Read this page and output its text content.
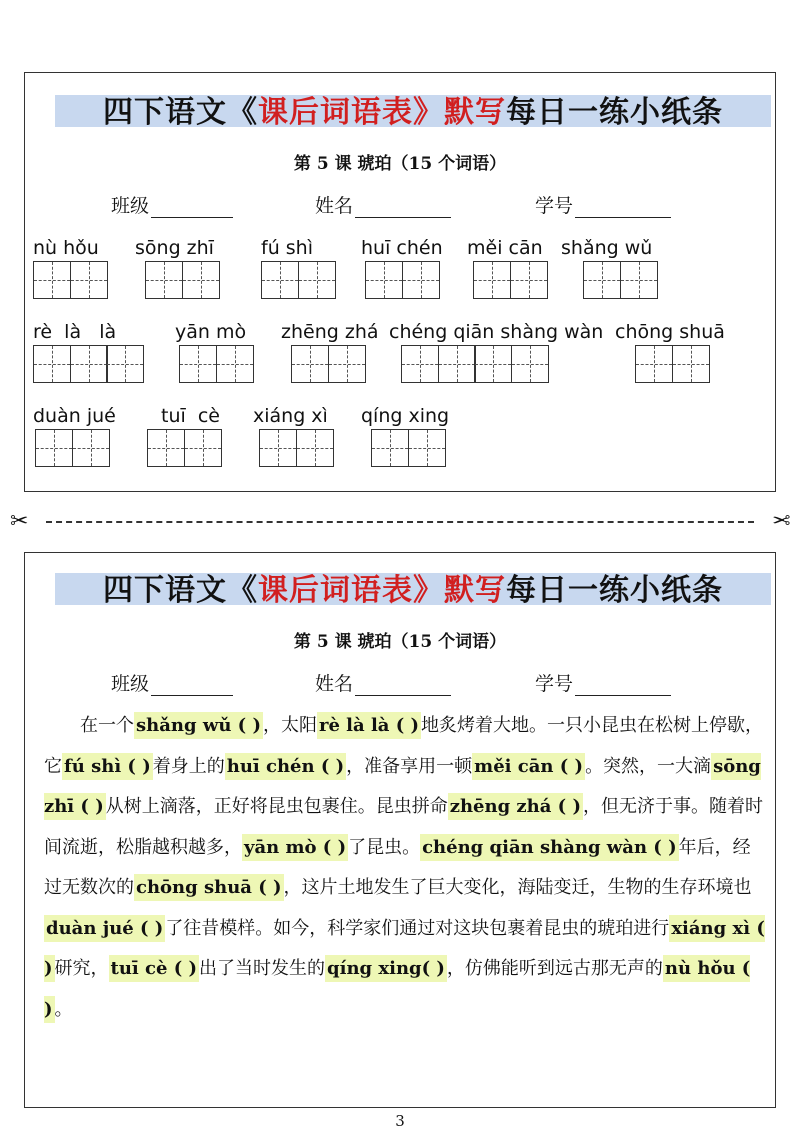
四下语文《 课后词语表》默写 每日一练小纸条
第 5 课 琥珀（15 个词语）
班级	姓名	学号
nù hǒu	sōng zhī fú shì	huī chén měi cān shǎng wǔ
rè  là   là	yān mò	zhēng zhá chéng qiān shàng wàn chōng shuā
duàn jué tuī  cè xiáng xì qíng xing
✂	✂
四下语文《 课后词语表》默写 每日一练小纸条
第 5 课 琥珀（15 个词语）
班级	姓名	学号
　　在一个 shǎng wǔ ( ) ，太阳 rè là là ( ) 地炙烤着大地。一只小昆虫在松树上停歇，它 fú shì ( ) 着身上的 huī chén ( ) ，准备享用一顿 měi cān ( ) 。突然，一大滴 sōng zhī ( ) 从树上滴落，正好将昆虫包裹住。昆虫拼命 zhēng zhá ( ) ，但无济于事。随着时间流逝，松脂越积越多， yān mò ( ) 了昆虫。 chéng qiān shàng wàn ( ) 年后，经过无数次的 chōng shuā ( ) ，这片土地发生了巨大变化，海陆变迁，生物的生存环境也duàn jué ( ) 了往昔模样。如今，科学家们通过对这块包裹着昆虫的琥珀进行 xiáng xì ( ) 研究， tuī cè ( ) 出了当时发生的 qíng xing( ) ，仿佛能听到远古那无声的 nù hǒu ( ) 。
3
